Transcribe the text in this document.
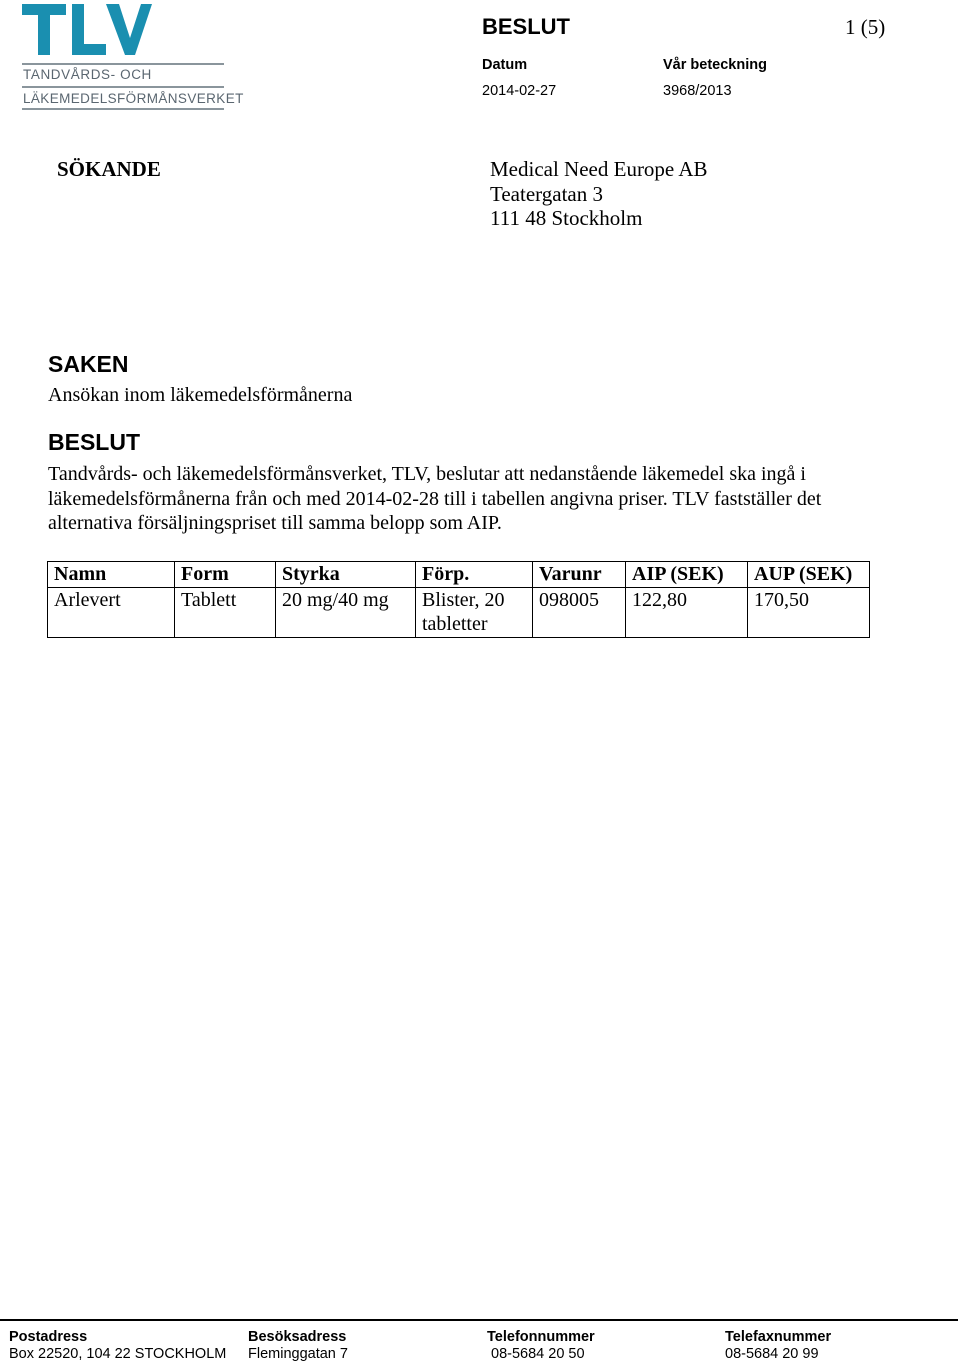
TANDVÅRDS- OCH
LÄKEMEDELSFÖRMÅNSVERKET
BESLUT	1 (5)
Datum
2014-02-27
Vår beteckning
3968/2013
SÖKANDE	Medical Need Europe AB
Teatergatan 3
111 48 Stockholm
SAKEN
Ansökan inom läkemedelsförmånerna
BESLUT
Tandvårds- och läkemedelsförmånsverket, TLV, beslutar att nedanstående läkemedel ska ingå i läkemedelsförmånerna från och med 2014-02-28 till i tabellen angivna priser. TLV fastställer det alternativa försäljningspriset till samma belopp som AIP.
Namn	Form	Styrka	Förp.	Varunr	AIP (SEK)	AUP (SEK)
Arlevert	Tablett	20 mg/40 mg	Blister, 20 tabletter	098005	122,80	170,50
Postadress
Box 22520, 104 22 STOCKHOLM
Besöksadress
Fleminggatan 7
Telefonnummer
08-5684 20 50
Telefaxnummer
08-5684 20 99
